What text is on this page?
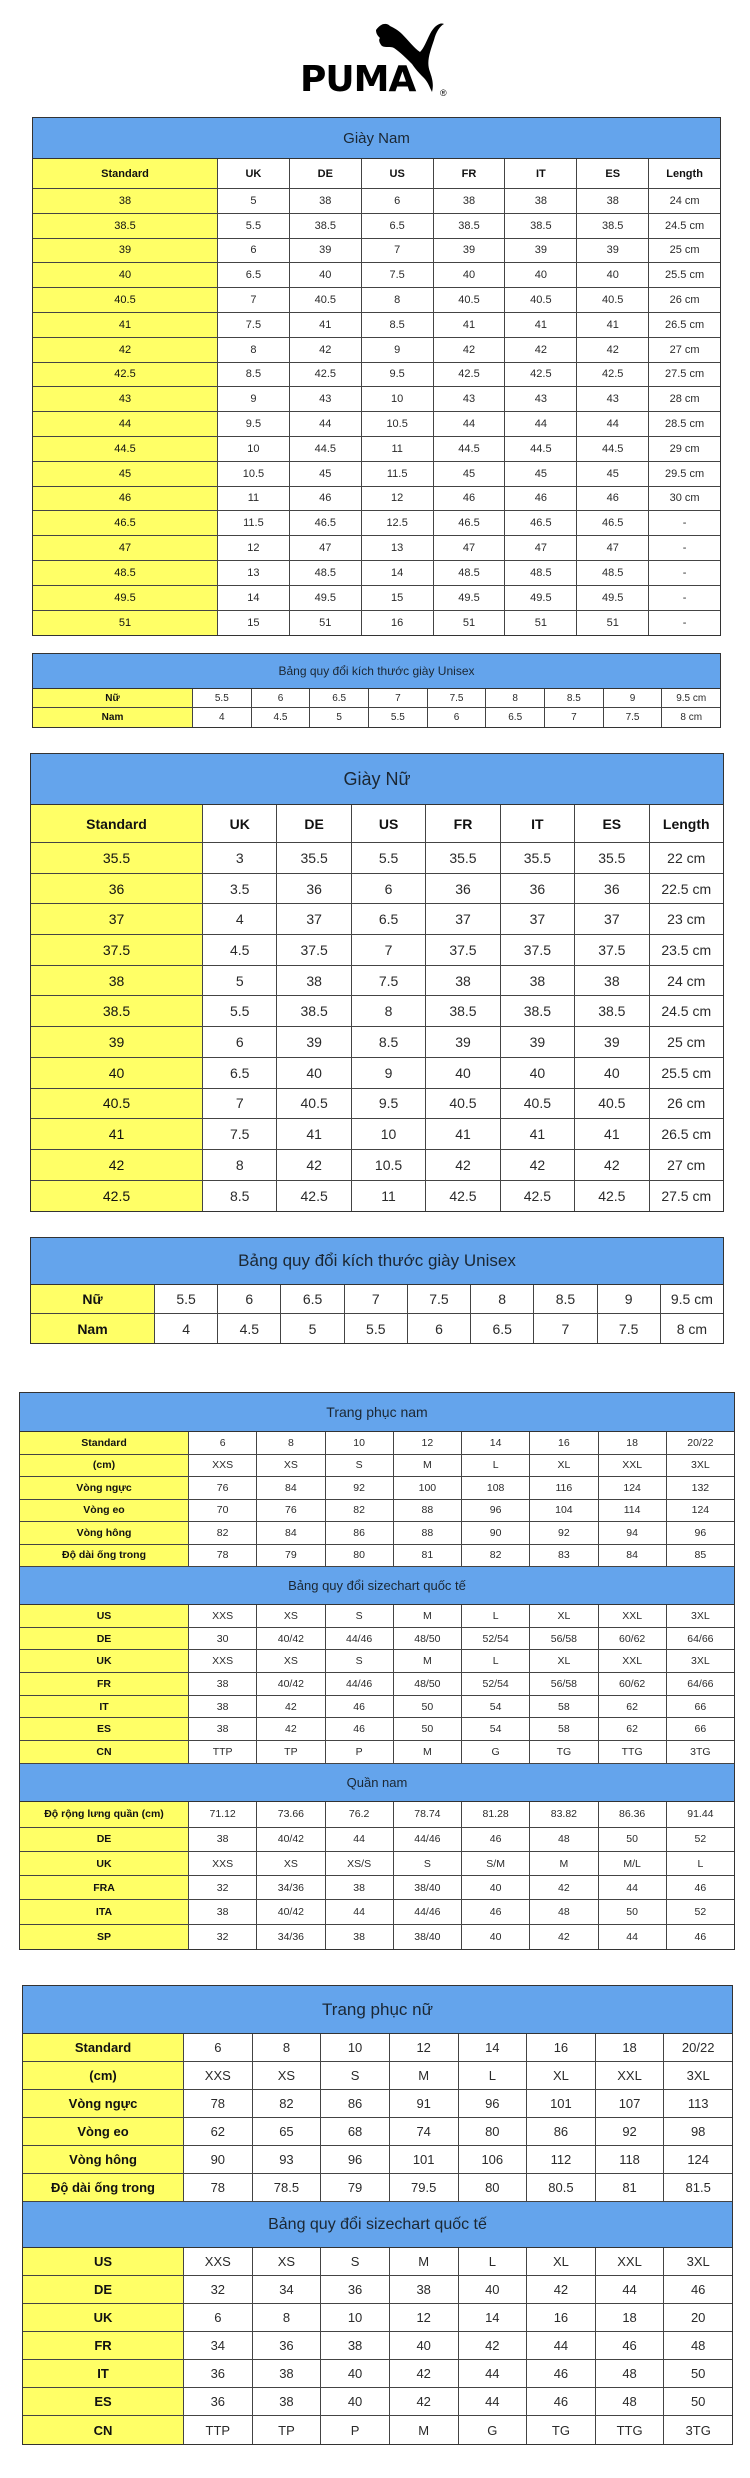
PUMA	®
Giày Nam
Standard	UK	DE	US	FR	IT	ES	Length
38	5	38	6	38	38	38	24 cm
38.5	5.5	38.5	6.5	38.5	38.5	38.5	24.5 cm
39	6	39	7	39	39	39	25 cm
40	6.5	40	7.5	40	40	40	25.5 cm
40.5	7	40.5	8	40.5	40.5	40.5	26 cm
41	7.5	41	8.5	41	41	41	26.5 cm
42	8	42	9	42	42	42	27 cm
42.5	8.5	42.5	9.5	42.5	42.5	42.5	27.5 cm
43	9	43	10	43	43	43	28 cm
44	9.5	44	10.5	44	44	44	28.5 cm
44.5	10	44.5	11	44.5	44.5	44.5	29 cm
45	10.5	45	11.5	45	45	45	29.5 cm
46	11	46	12	46	46	46	30 cm
46.5	11.5	46.5	12.5	46.5	46.5	46.5	-
47	12	47	13	47	47	47	-
48.5	13	48.5	14	48.5	48.5	48.5	-
49.5	14	49.5	15	49.5	49.5	49.5	-
51	15	51	16	51	51	51	-
Bảng quy đổi kích thước giày Unisex
Nữ	5.5	6	6.5	7	7.5	8	8.5	9	9.5 cm
Nam	4	4.5	5	5.5	6	6.5	7	7.5	8 cm
Giày Nữ
Standard	UK	DE	US	FR	IT	ES	Length
35.5	3	35.5	5.5	35.5	35.5	35.5	22 cm
36	3.5	36	6	36	36	36	22.5 cm
37	4	37	6.5	37	37	37	23 cm
37.5	4.5	37.5	7	37.5	37.5	37.5	23.5 cm
38	5	38	7.5	38	38	38	24 cm
38.5	5.5	38.5	8	38.5	38.5	38.5	24.5 cm
39	6	39	8.5	39	39	39	25 cm
40	6.5	40	9	40	40	40	25.5 cm
40.5	7	40.5	9.5	40.5	40.5	40.5	26 cm
41	7.5	41	10	41	41	41	26.5 cm
42	8	42	10.5	42	42	42	27 cm
42.5	8.5	42.5	11	42.5	42.5	42.5	27.5 cm
Bảng quy đổi kích thước giày Unisex
Nữ	5.5	6	6.5	7	7.5	8	8.5	9	9.5 cm
Nam	4	4.5	5	5.5	6	6.5	7	7.5	8 cm
Trang phục nam
Standard	6	8	10	12	14	16	18	20/22
(cm)	XXS	XS	S	M	L	XL	XXL	3XL
Vòng ngực	76	84	92	100	108	116	124	132
Vòng eo	70	76	82	88	96	104	114	124
Vòng hông	82	84	86	88	90	92	94	96
Độ dài ống trong	78	79	80	81	82	83	84	85
Bảng quy đổi sizechart quốc tế
US	XXS	XS	S	M	L	XL	XXL	3XL
DE	30	40/42	44/46	48/50	52/54	56/58	60/62	64/66
UK	XXS	XS	S	M	L	XL	XXL	3XL
FR	38	40/42	44/46	48/50	52/54	56/58	60/62	64/66
IT	38	42	46	50	54	58	62	66
ES	38	42	46	50	54	58	62	66
CN	TTP	TP	P	M	G	TG	TTG	3TG
Quần nam
Độ rộng lưng quần (cm)	71.12	73.66	76.2	78.74	81.28	83.82	86.36	91.44
DE	38	40/42	44	44/46	46	48	50	52
UK	XXS	XS	XS/S	S	S/M	M	M/L	L
FRA	32	34/36	38	38/40	40	42	44	46
ITA	38	40/42	44	44/46	46	48	50	52
SP	32	34/36	38	38/40	40	42	44	46
Trang phục nữ
Standard	6	8	10	12	14	16	18	20/22
(cm)	XXS	XS	S	M	L	XL	XXL	3XL
Vòng ngực	78	82	86	91	96	101	107	113
Vòng eo	62	65	68	74	80	86	92	98
Vòng hông	90	93	96	101	106	112	118	124
Độ dài ống trong	78	78.5	79	79.5	80	80.5	81	81.5
Bảng quy đổi sizechart quốc tế
US	XXS	XS	S	M	L	XL	XXL	3XL
DE	32	34	36	38	40	42	44	46
UK	6	8	10	12	14	16	18	20
FR	34	36	38	40	42	44	46	48
IT	36	38	40	42	44	46	48	50
ES	36	38	40	42	44	46	48	50
CN	TTP	TP	P	M	G	TG	TTG	3TG
